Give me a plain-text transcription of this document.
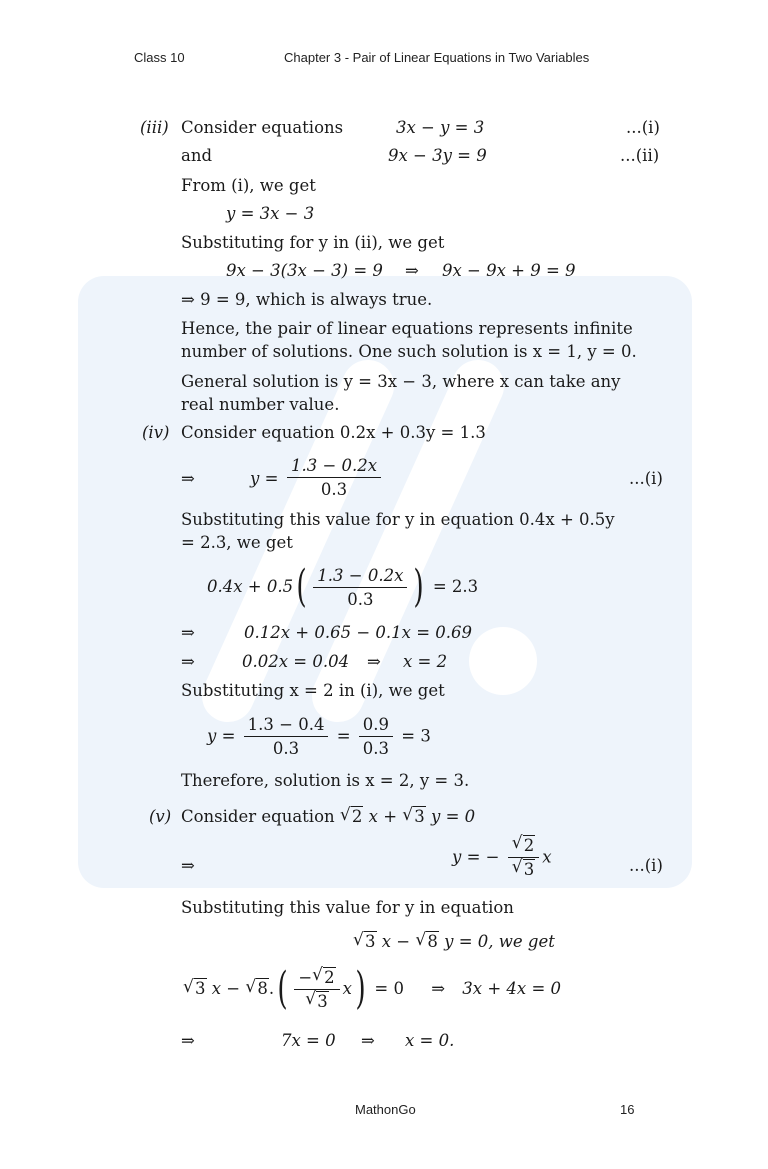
Class 10	Chapter 3 - Pair of Linear Equations in Two Variables
(iii) Consider equations	3x − y = 3	...(i)
and	9x − 3y = 9	...(ii)
From (i), we get
y = 3x − 3
Substituting for y in (ii), we get
9x − 3(3x − 3) = 9 ⇒ 9x − 9x + 9 = 9
⇒ 9 = 9, which is always true.
Hence, the pair of linear equations represents infinite
number of solutions. One such solution is x = 1, y = 0.
General solution is y = 3x − 3, where x can take any
real number value.
(iv) Consider equation 0.2x + 0.3y = 1.3
⇒	$y = \frac{1.3 - 0.2x}{0.3}$	...(i)
Substituting this value for y in equation 0.4x + 0.5y
= 2.3, we get
$0.4x + 0.5( \frac{1.3 - 0.2x}{0.3}$ ) = 2.3
⇒	0.12x + 0.65 − 0.1x = 0.69
⇒	0.02x = 0.04 ⇒ x = 2
Substituting x = 2 in (i), we get
$y = \frac{1.3 - 0.4}{0.3} = \frac{0.9}{0.3} = 3$
Therefore, solution is x = 2, y = 3.
(v) Consider equation √ 2 x + √ 3 y = 0
⇒	y = − $\frac{√ 2}{√ 3}$ x	...(i)
Substituting this value for y in equation
√ 3 x − √ 8 y = 0, we get
√ 3 x − √ $8.( \frac{- √ 2}{√ 3} x) = 0$ ⇒ 3x + 4x = 0
⇒	7x = 0 ⇒ x = 0.
MathonGo	16
